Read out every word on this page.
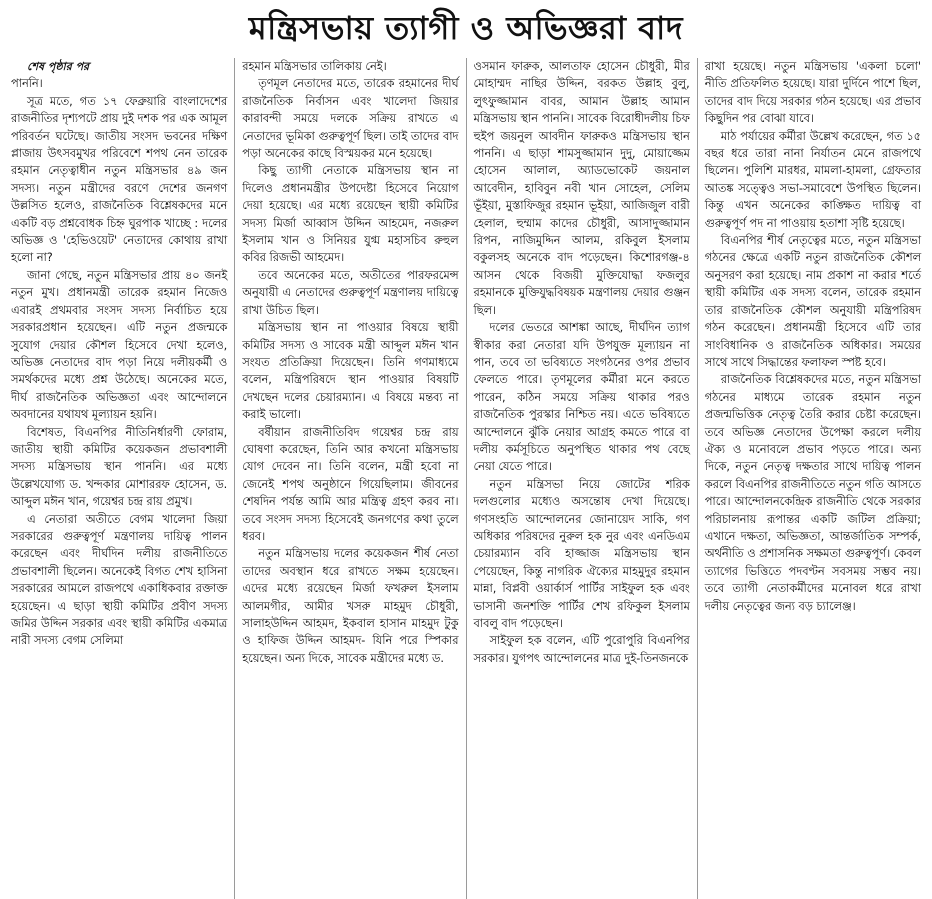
মন্ত্রিসভায় ত্যাগী ও অভিজ্ঞরা বাদ

শেষ পৃষ্ঠার পর

পাননি।

সূত্র মতে, গত ১৭ ফেব্রুয়ারি বাংলাদেশের রাজনীতির দৃশ্যপটে প্রায় দুই দশক পর এক আমূল পরিবর্তন ঘটেছে। জাতীয় সংসদ ভবনের দক্ষিণ প্লাজায় উৎসবমুখর পরিবেশে শপথ নেন তারেক রহমান নেতৃত্বাধীন নতুন মন্ত্রিসভার ৪৯ জন সদস্য। নতুন মন্ত্রীদের বরণে দেশের জনগণ উল্লসিত হলেও, রাজনৈতিক বিশ্লেষকদের মনে একটি বড় প্রশ্নবোধক চিহ্ন ঘুরপাক খাচ্ছে : দলের অভিজ্ঞ ও 'হেভিওয়েট' নেতাদের কোথায় রাখা হলো না?

জানা গেছে, নতুন মন্ত্রিসভার প্রায় ৪০ জনই নতুন মুখ। প্রধানমন্ত্রী তারেক রহমান নিজেও এবারই প্রথমবার সংসদ সদস্য নির্বাচিত হয়ে সরকারপ্রধান হয়েছেন। এটি নতুন প্রজন্মকে সুযোগ দেয়ার কৌশল হিসেবে দেখা হলেও, অভিজ্ঞ নেতাদের বাদ পড়া নিয়ে দলীয়কর্মী ও সমর্থকদের মধ্যে প্রশ্ন উঠেছে। অনেকের মতে, দীর্ঘ রাজনৈতিক অভিজ্ঞতা এবং আন্দোলনে অবদানের যথাযথ মূল্যায়ন হয়নি।

বিশেষত, বিএনপির নীতিনির্ধারণী ফোরাম, জাতীয় স্থায়ী কমিটির কয়েকজন প্রভাবশালী সদস্য মন্ত্রিসভায় স্থান পাননি। এর মধ্যে উল্লেখযোগ্য ড. খন্দকার মোশাররফ হোসেন, ড. আব্দুল মঈন খান, গয়েশ্বর চন্দ্র রায় প্রমুখ।

এ নেতারা অতীতে বেগম খালেদা জিয়া সরকারের গুরুত্বপূর্ণ মন্ত্রণালয় দায়িত্ব পালন করেছেন এবং দীর্ঘদিন দলীয় রাজনীতিতে প্রভাবশালী ছিলেন। অনেকেই বিগত শেখ হাসিনা সরকারের আমলে রাজপথে একাধিকবার রক্তাক্ত হয়েছেন। এ ছাড়া স্থায়ী কমিটির প্রবীণ সদস্য জমির উদ্দিন সরকার এবং স্থায়ী কমিটির একমাত্র নারী সদস্য বেগম সেলিমা

রহমান মন্ত্রিসভার তালিকায় নেই।

তৃণমূল নেতাদের মতে, তারেক রহমানের দীর্ঘ রাজনৈতিক নির্বাসন এবং খালেদা জিয়ার কারাবন্দী সময়ে দলকে সক্রিয় রাখতে এ নেতাদের ভূমিকা গুরুত্বপূর্ণ ছিল। তাই তাদের বাদ পড়া অনেকের কাছে বিস্ময়কর মনে হয়েছে।

কিছু ত্যাগী নেতাকে মন্ত্রিসভায় স্থান না দিলেও প্রধানমন্ত্রীর উপদেষ্টা হিসেবে নিয়োগ দেয়া হয়েছে। এর মধ্যে রয়েছেন স্থায়ী কমিটির সদস্য মির্জা আব্বাস উদ্দিন আহমেদ, নজরুল ইসলাম খান ও সিনিয়র যুগ্ম মহাসচিব রুহুল কবির রিজভী আহমেদ।

তবে অনেকের মতে, অতীতের পারফরমেন্স অনুযায়ী এ নেতাদের গুরুত্বপূর্ণ মন্ত্রণালয় দায়িত্বে রাখা উচিত ছিল।

মন্ত্রিসভায় স্থান না পাওয়ার বিষয়ে স্থায়ী কমিটির সদস্য ও সাবেক মন্ত্রী আব্দুল মঈন খান সংযত প্রতিক্রিয়া দিয়েছেন। তিনি গণমাধ্যমে বলেন, মন্ত্রিপরিষদে স্থান পাওয়ার বিষয়টি দেখছেন দলের চেয়ারম্যান। এ বিষয়ে মন্তব্য না করাই ভালো।

বর্ষীয়ান রাজনীতিবিদ গয়েশ্বর চন্দ্র রায় ঘোষণা করেছেন, তিনি আর কখনো মন্ত্রিসভায় যোগ দেবেন না। তিনি বলেন, মন্ত্রী হবো না জেনেই শপথ অনুষ্ঠানে গিয়েছিলাম। জীবনের শেষদিন পর্যন্ত আমি আর মন্ত্রিত্ব গ্রহণ করব না। তবে সংসদ সদস্য হিসেবেই জনগণের কথা তুলে ধরব।

নতুন মন্ত্রিসভায় দলের কয়েকজন শীর্ষ নেতা তাদের অবস্থান ধরে রাখতে সক্ষম হয়েছেন। এদের মধ্যে রয়েছেন মির্জা ফখরুল ইসলাম আলমগীর, আমীর খসরু মাহমুদ চৌধুরী, সালাহউদ্দিন আহমদ, ইকবাল হাসান মাহমুদ টুকু ও হাফিজ উদ্দিন আহমদ- যিনি পরে স্পিকার হয়েছেন। অন্য দিকে, সাবেক মন্ত্রীদের মধ্যে ড.

ওসমান ফারুক, আলতাফ হোসেন চৌধুরী, মীর মোহাম্মদ নাছির উদ্দিন, বরকত উল্লাহ বুলু, লুৎফুজ্জামান বাবর, আমান উল্লাহ আমান মন্ত্রিসভায় স্থান পাননি। সাবেক বিরোধীদলীয় চিফ হুইপ জয়নুল আবদীন ফারুকও মন্ত্রিসভায় স্থান পাননি। এ ছাড়া শামসুজ্জামান দুদু, মোয়াজ্জেম হোসেন আলাল, অ্যাডভোকেট জয়নাল আবেদীন, হাবিবুন নবী খান সোহেল, সেলিম ভূঁইয়া, মুস্তাফিজুর রহমান ভূইয়া, আজিজুল বারী হেলাল, হুম্মাম কাদের চৌধুরী, আসাদুজ্জামান রিপন, নাজিমুদ্দিন আলম, রকিবুল ইসলাম বকুলসহ অনেকে বাদ পড়েছেন। কিশোরগঞ্জ-৪ আসন থেকে বিজয়ী মুক্তিযোদ্ধা ফজলুর রহমানকে মুক্তিযুদ্ধবিষয়ক মন্ত্রণালয় দেয়ার গুঞ্জন ছিল।

দলের ভেতরে আশঙ্কা আছে, দীর্ঘদিন ত্যাগ স্বীকার করা নেতারা যদি উপযুক্ত মূল্যায়ন না পান, তবে তা ভবিষ্যতে সংগঠনের ওপর প্রভাব ফেলতে পারে। তৃণমূলের কর্মীরা মনে করতে পারেন, কঠিন সময়ে সক্রিয় থাকার পরও রাজনৈতিক পুরস্কার নিশ্চিত নয়। এতে ভবিষ্যতে আন্দোলনে ঝুঁকি নেয়ার আগ্রহ কমতে পারে বা দলীয় কর্মসূচিতে অনুপস্থিত থাকার পথ বেছে নেয়া যেতে পারে।

নতুন মন্ত্রিসভা নিয়ে জোটের শরিক দলগুলোর মধ্যেও অসন্তোষ দেখা দিয়েছে। গণসংহতি আন্দোলনের জোনায়েদ সাকি, গণ অধিকার পরিষদের নুরুল হক নুর এবং এনডিএম চেয়ারম্যান ববি হাজ্জাজ মন্ত্রিসভায় স্থান পেয়েছেন, কিন্তু নাগরিক ঐক্যের মাহমুদুর রহমান মান্না, বিপ্লবী ওয়ার্কার্স পার্টির সাইফুল হক এবং ভাসানী জনশক্তি পার্টির শেখ রফিকুল ইসলাম বাবলু বাদ পড়েছেন।

সাইফুল হক বলেন, এটি পুরোপুরি বিএনপির সরকার। যুগপৎ আন্দোলনের মাত্র দুই-তিনজনকে

রাখা হয়েছে। নতুন মন্ত্রিসভায় 'একলা চলো' নীতি প্রতিফলিত হয়েছে। যারা দুর্দিনে পাশে ছিল, তাদের বাদ দিয়ে সরকার গঠন হয়েছে। এর প্রভাব কিছুদিন পর বোঝা যাবে।

মাঠ পর্যায়ের কর্মীরা উল্লেখ করেছেন, গত ১৫ বছর ধরে তারা নানা নির্যাতন মেনে রাজপথে ছিলেন। পুলিশি মারধর, মামলা-হামলা, গ্রেফতার আতঙ্ক সত্ত্বেও সভা-সমাবেশে উপস্থিত ছিলেন। কিন্তু এখন অনেকের কাঙ্ক্ষিত দায়িত্ব বা গুরুত্বপূর্ণ পদ না পাওয়ায় হতাশা সৃষ্টি হয়েছে।

বিএনপির শীর্ষ নেতৃত্বের মতে, নতুন মন্ত্রিসভা গঠনের ক্ষেত্রে একটি নতুন রাজনৈতিক কৌশল অনুসরণ করা হয়েছে। নাম প্রকাশ না করার শর্তে স্থায়ী কমিটির এক সদস্য বলেন, তারেক রহমান তার রাজনৈতিক কৌশল অনুযায়ী মন্ত্রিপরিষদ গঠন করেছেন। প্রধানমন্ত্রী হিসেবে এটি তার সাংবিধানিক ও রাজনৈতিক অধিকার। সময়ের সাথে সাথে সিদ্ধান্তের ফলাফল স্পষ্ট হবে।

রাজনৈতিক বিশ্লেষকদের মতে, নতুন মন্ত্রিসভা গঠনের মাধ্যমে তারেক রহমান নতুন প্রজন্মভিত্তিক নেতৃত্ব তৈরি করার চেষ্টা করেছেন। তবে অভিজ্ঞ নেতাদের উপেক্ষা করলে দলীয় ঐক্য ও মনোবলে প্রভাব পড়তে পারে। অন্য দিকে, নতুন নেতৃত্ব দক্ষতার সাথে দায়িত্ব পালন করলে বিএনপির রাজনীতিতে নতুন গতি আসতে পারে। আন্দোলনকেন্দ্রিক রাজনীতি থেকে সরকার পরিচালনায় রূপান্তর একটি জটিল প্রক্রিয়া; এখানে দক্ষতা, অভিজ্ঞতা, আন্তর্জাতিক সম্পর্ক, অর্থনীতি ও প্রশাসনিক সক্ষমতা গুরুত্বপূর্ণ। কেবল ত্যাগের ভিত্তিতে পদবণ্টন সবসময় সম্ভব নয়। তবে ত্যাগী নেতাকর্মীদের মনোবল ধরে রাখা দলীয় নেতৃত্বের জন্য বড় চ্যালেঞ্জ।
